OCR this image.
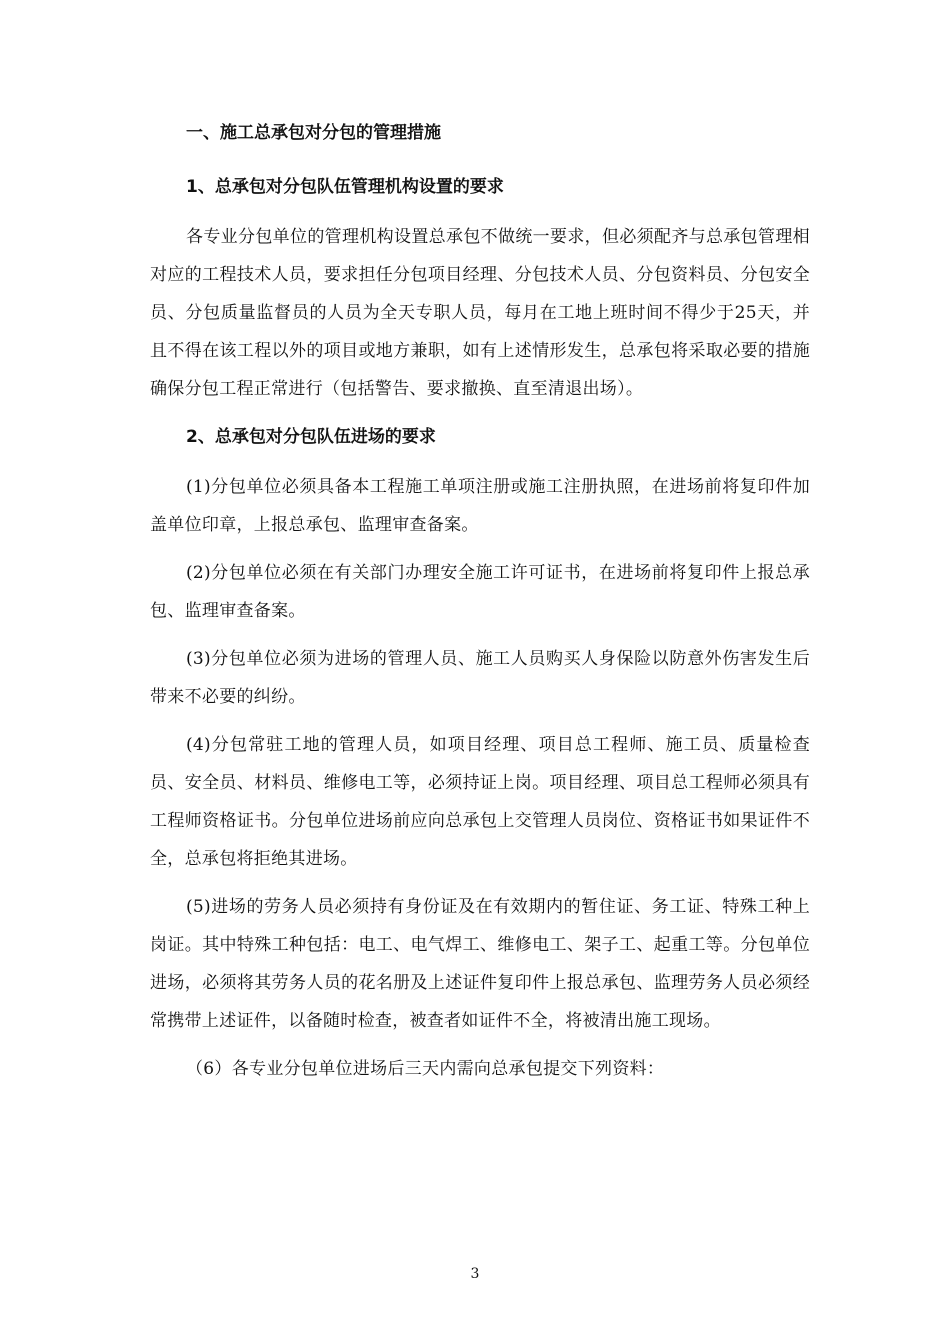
一、施工总承包对分包的管理措施

1、总承包对分包队伍管理机构设置的要求

各专业分包单位的管理机构设置总承包不做统一要求，但必须配齐与总承包管理相对应的工程技术人员，要求担任分包项目经理、分包技术人员、分包资料员、分包安全员、分包质量监督员的人员为全天专职人员，每月在工地上班时间不得少于25天，并且不得在该工程以外的项目或地方兼职，如有上述情形发生，总承包将采取必要的措施确保分包工程正常进行（包括警告、要求撤换、直至清退出场）。

2、总承包对分包队伍进场的要求

(1)分包单位必须具备本工程施工单项注册或施工注册执照，在进场前将复印件加盖单位印章，上报总承包、监理审查备案。

(2)分包单位必须在有关部门办理安全施工许可证书，在进场前将复印件上报总承包、监理审查备案。

(3)分包单位必须为进场的管理人员、施工人员购买人身保险以防意外伤害发生后带来不必要的纠纷。

(4)分包常驻工地的管理人员，如项目经理、项目总工程师、施工员、质量检查员、安全员、材料员、维修电工等，必须持证上岗。项目经理、项目总工程师必须具有工程师资格证书。分包单位进场前应向总承包上交管理人员岗位、资格证书如果证件不全，总承包将拒绝其进场。

(5)进场的劳务人员必须持有身份证及在有效期内的暂住证、务工证、特殊工种上岗证。其中特殊工种包括：电工、电气焊工、维修电工、架子工、起重工等。分包单位进场，必须将其劳务人员的花名册及上述证件复印件上报总承包、监理劳务人员必须经常携带上述证件，以备随时检查，被查者如证件不全，将被清出施工现场。

（6）各专业分包单位进场后三天内需向总承包提交下列资料：

3
